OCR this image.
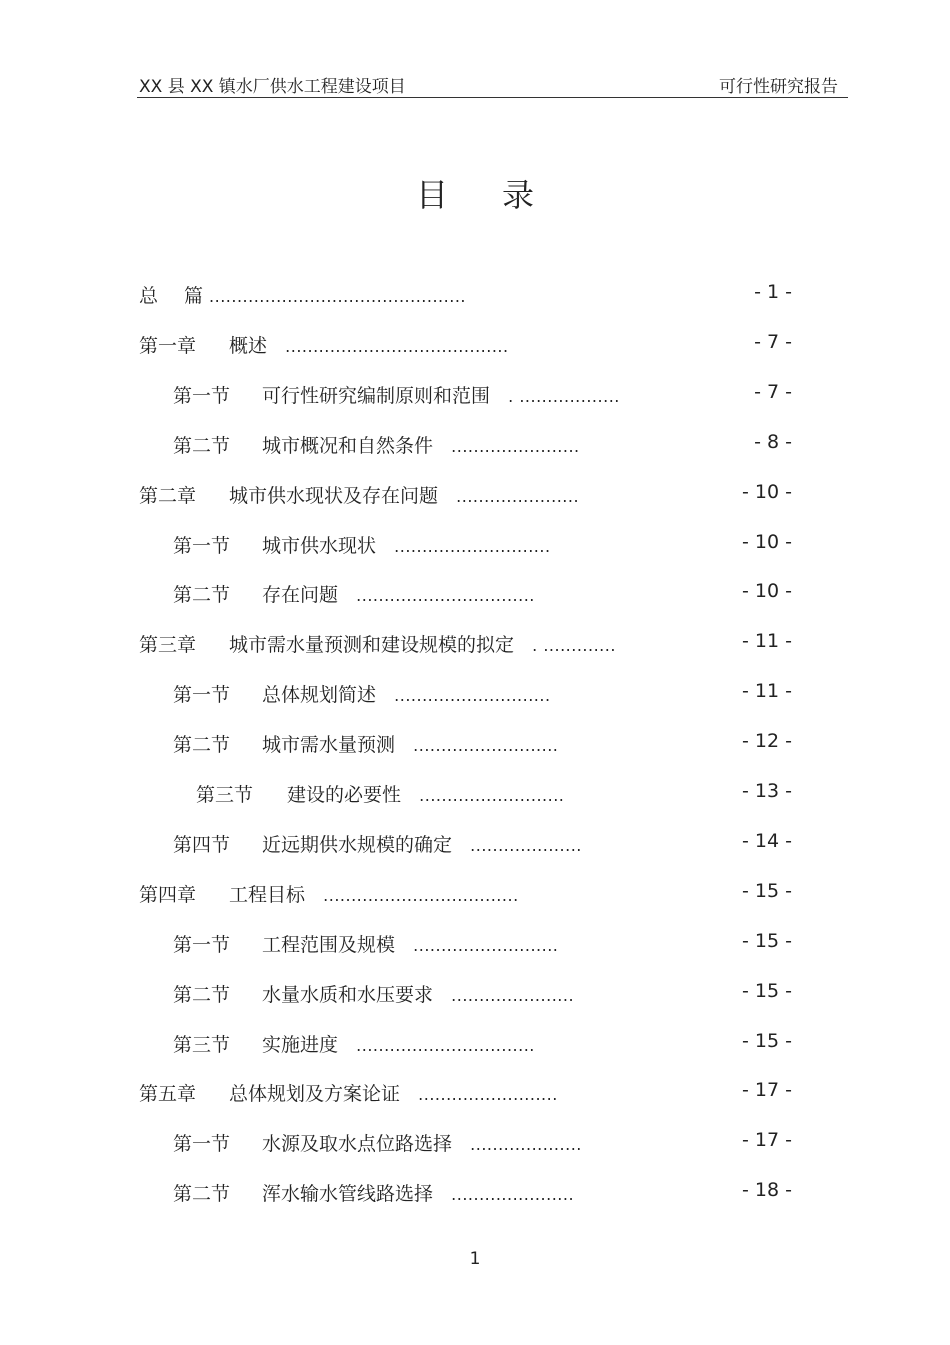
XX 县 XX 镇水厂供水工程建设项目	可行性研究报告
目 录
总 篇 ..............................................	- 1 -
第一章 概述 ........................................	- 7 -
第一节 可行性研究编制原则和范围 . ..................	- 7 -
第二节 城市概况和自然条件 .......................	- 8 -
第二章 城市供水现状及存在问题 ......................	- 10 -
第一节 城市供水现状 ............................	- 10 -
第二节 存在问题 ................................	- 10 -
第三章 城市需水量预测和建设规模的拟定 . .............	- 11 -
第一节 总体规划简述 ............................	- 11 -
第二节 城市需水量预测 ..........................	- 12 -
第三节 建设的必要性 ..........................	- 13 -
第四节 近远期供水规模的确定 ....................	- 14 -
第四章 工程目标 ...................................	- 15 -
第一节 工程范围及规模 ..........................	- 15 -
第二节 水量水质和水压要求 ......................	- 15 -
第三节 实施进度 ................................	- 15 -
第五章 总体规划及方案论证 .........................	- 17 -
第一节 水源及取水点位路选择 ....................	- 17 -
第二节 浑水输水管线路选择 ......................	- 18 -
1
